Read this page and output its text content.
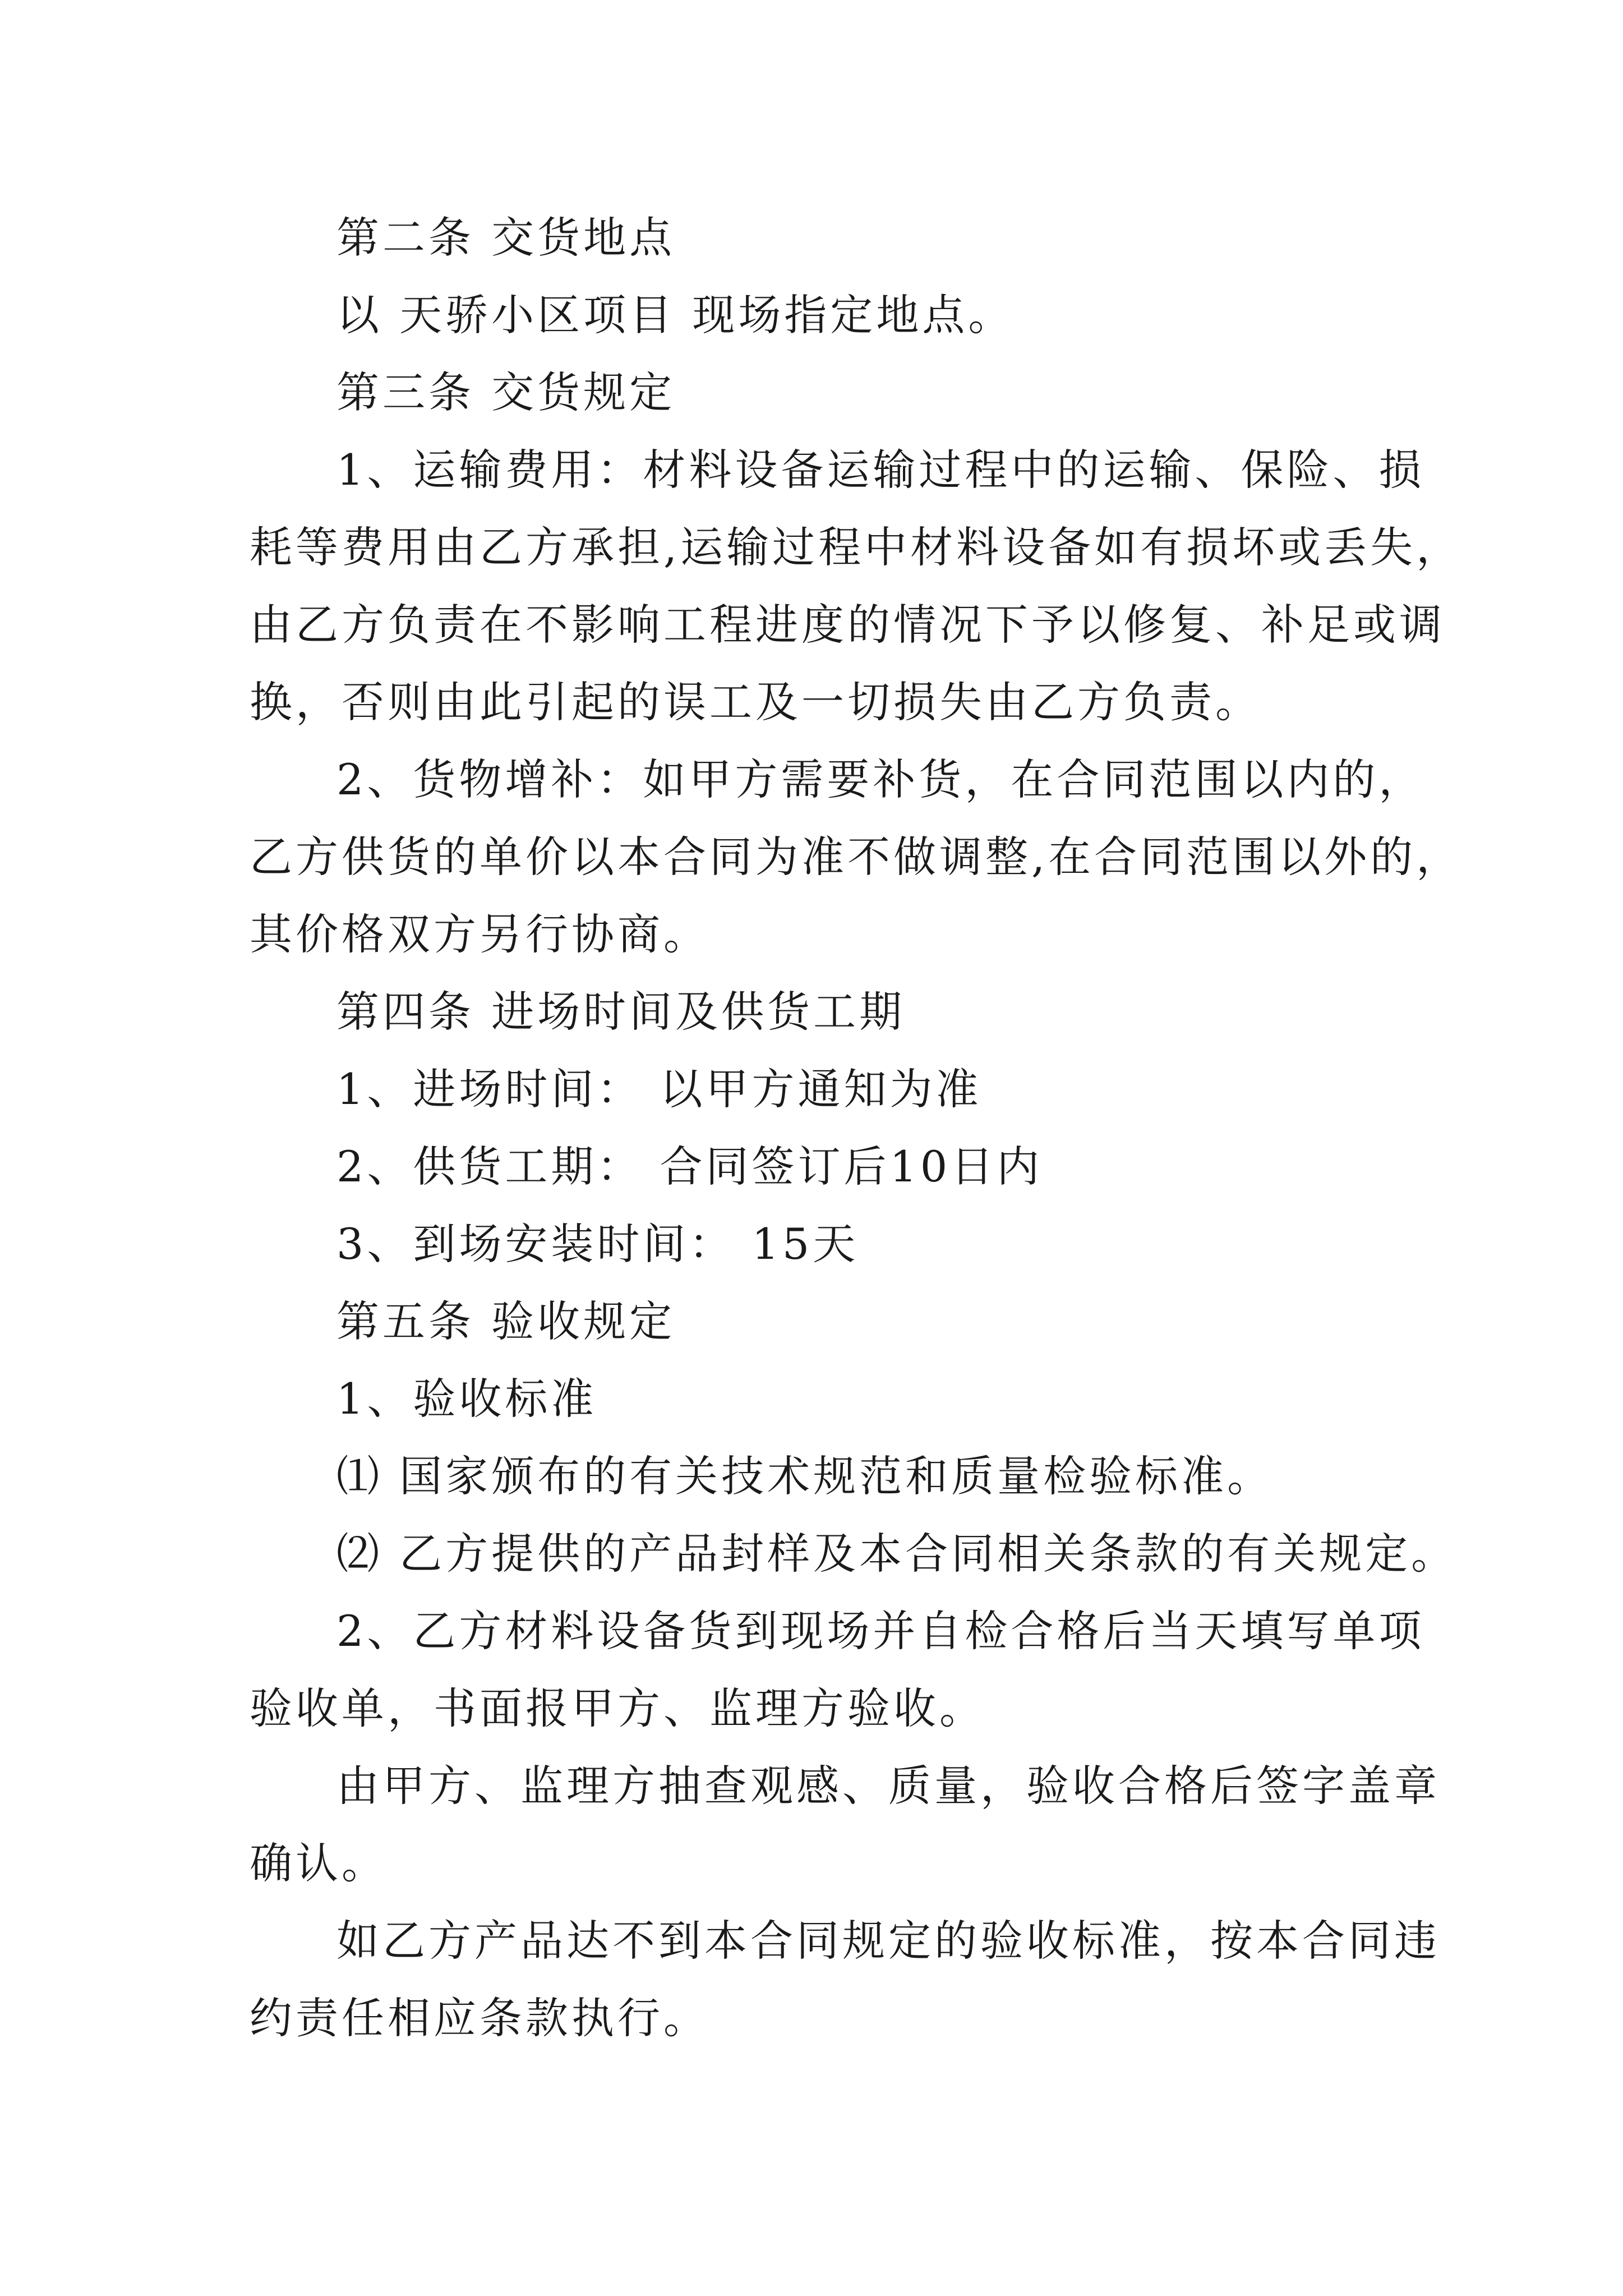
第二条 交货地点

以 天骄小区项目 现场指定地点。

第三条 交货规定

1、运输费用：材料设备运输过程中的运输、保险、损

耗等费用由乙方承担,运输过程中材料设备如有损坏或丢失，

由乙方负责在不影响工程进度的情况下予以修复、补足或调

换，否则由此引起的误工及一切损失由乙方负责。

2、货物增补：如甲方需要补货，在合同范围以内的，

乙方供货的单价以本合同为准不做调整,在合同范围以外的，

其价格双方另行协商。

第四条 进场时间及供货工期

1、进场时间： 以甲方通知为准

2、供货工期： 合同签订后10日内

3、到场安装时间： 15天

第五条 验收规定

1、验收标准

⑴ 国家颁布的有关技术规范和质量检验标准。

⑵ 乙方提供的产品封样及本合同相关条款的有关规定。

2、乙方材料设备货到现场并自检合格后当天填写单项

验收单，书面报甲方、监理方验收。

由甲方、监理方抽查观感、质量，验收合格后签字盖章

确认。

如乙方产品达不到本合同规定的验收标准，按本合同违

约责任相应条款执行。
